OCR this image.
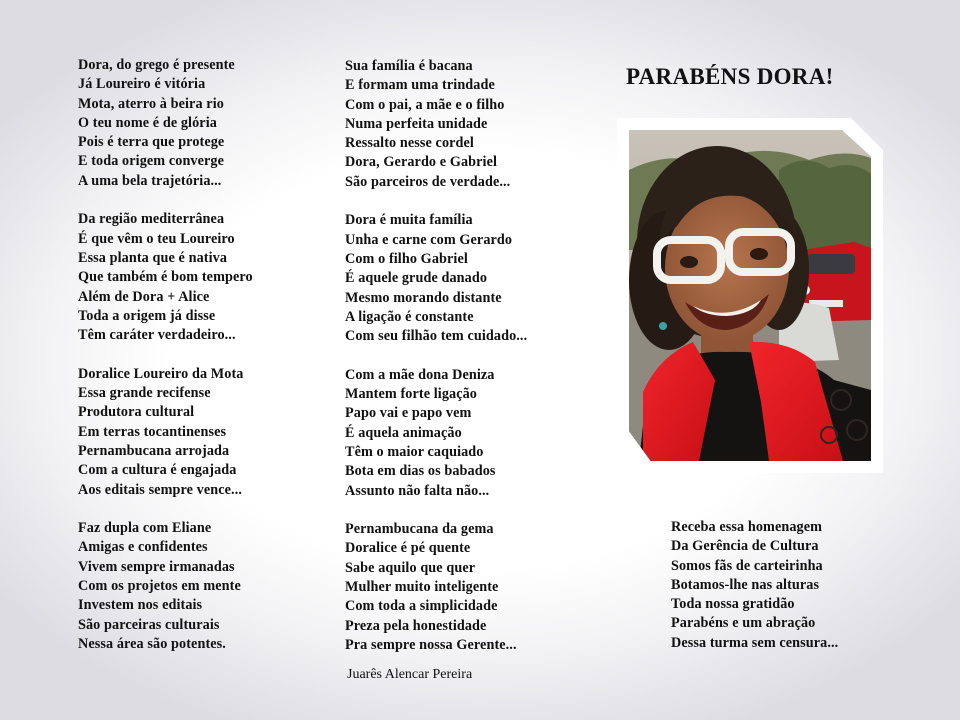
Dora, do grego é presente
Já Loureiro é vitória
Mota, aterro à beira rio
O teu nome é de glória
Pois é terra que protege
E toda origem converge
A uma bela trajetória...
Da região mediterrânea
É que vêm o teu Loureiro
Essa planta que é nativa
Que também é bom tempero
Além de Dora + Alice
Toda a origem já disse
Têm caráter verdadeiro...
Doralice Loureiro da Mota
Essa grande recifense
Produtora cultural
Em terras tocantinenses
Pernambucana arrojada
Com a cultura é engajada
Aos editais sempre vence...
Faz dupla com Eliane
Amigas e confidentes
Vivem sempre irmanadas
Com os projetos em mente
Investem nos editais
São parceiras culturais
Nessa área são potentes.
Sua família é bacana
E formam uma trindade
Com o pai, a mãe e o filho
Numa perfeita unidade
Ressalto nesse cordel
Dora, Gerardo e Gabriel
São parceiros de verdade...
Dora é muita família
Unha e carne com Gerardo
Com o filho Gabriel
É aquele grude danado
Mesmo morando distante
A ligação é constante
Com seu filhão tem cuidado...
Com a mãe dona Deniza
Mantem forte ligação
Papo vai e papo vem
É aquela animação
Têm o maior caquiado
Bota em dias os babados
Assunto não falta não...
Pernambucana da gema
Doralice é pé quente
Sabe aquilo que quer
Mulher muito inteligente
Com toda a simplicidade
Preza pela honestidade
Pra sempre nossa Gerente...
PARABÉNS DORA!
Receba essa homenagem
Da Gerência de Cultura
Somos fãs de carteirinha
Botamos-lhe nas alturas
Toda nossa gratidão
Parabéns e um abração
Dessa turma sem censura...
Juarês Alencar Pereira
